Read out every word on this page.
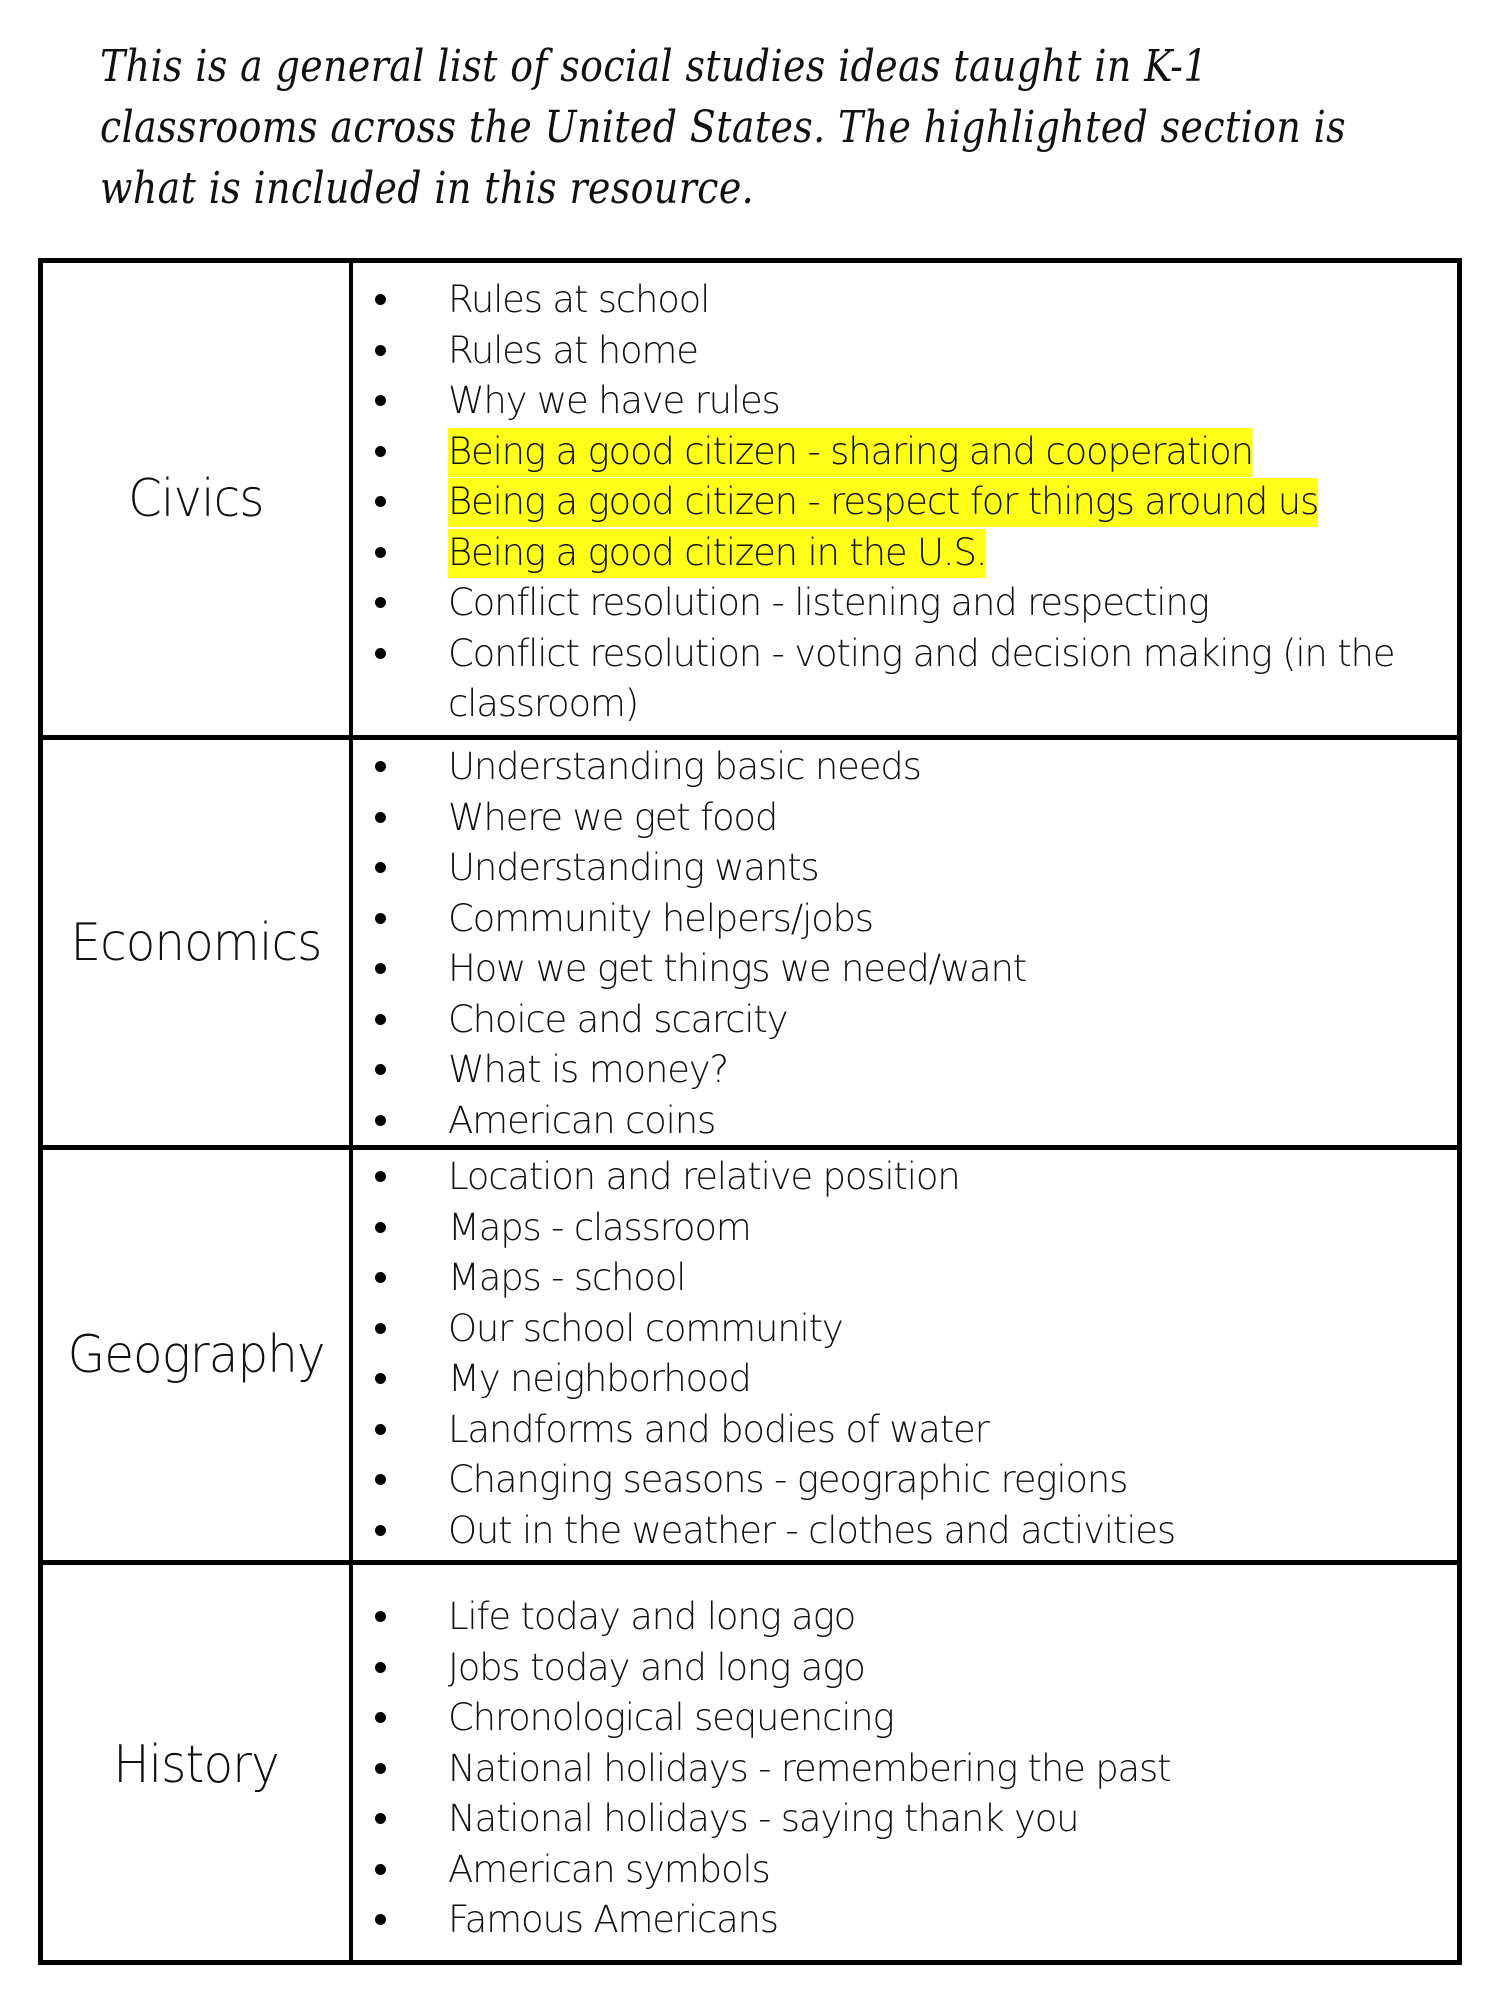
This is a general list of social studies ideas taught in K-1
classrooms across the United States. The highlighted section is
what is included in this resource.
Civics
Rules at school
Rules at home
Why we have rules
Being a good citizen - sharing and cooperation
Being a good citizen - respect for things around us
Being a good citizen in the U.S.
Conflict resolution - listening and respecting
Conflict resolution - voting and decision making (in the classroom)
Economics
Understanding basic needs
Where we get food
Understanding wants
Community helpers/jobs
How we get things we need/want
Choice and scarcity
What is money?
American coins
Geography
Location and relative position
Maps - classroom
Maps - school
Our school community
My neighborhood
Landforms and bodies of water
Changing seasons - geographic regions
Out in the weather - clothes and activities
History
Life today and long ago
Jobs today and long ago
Chronological sequencing
National holidays - remembering the past
National holidays - saying thank you
American symbols
Famous Americans
